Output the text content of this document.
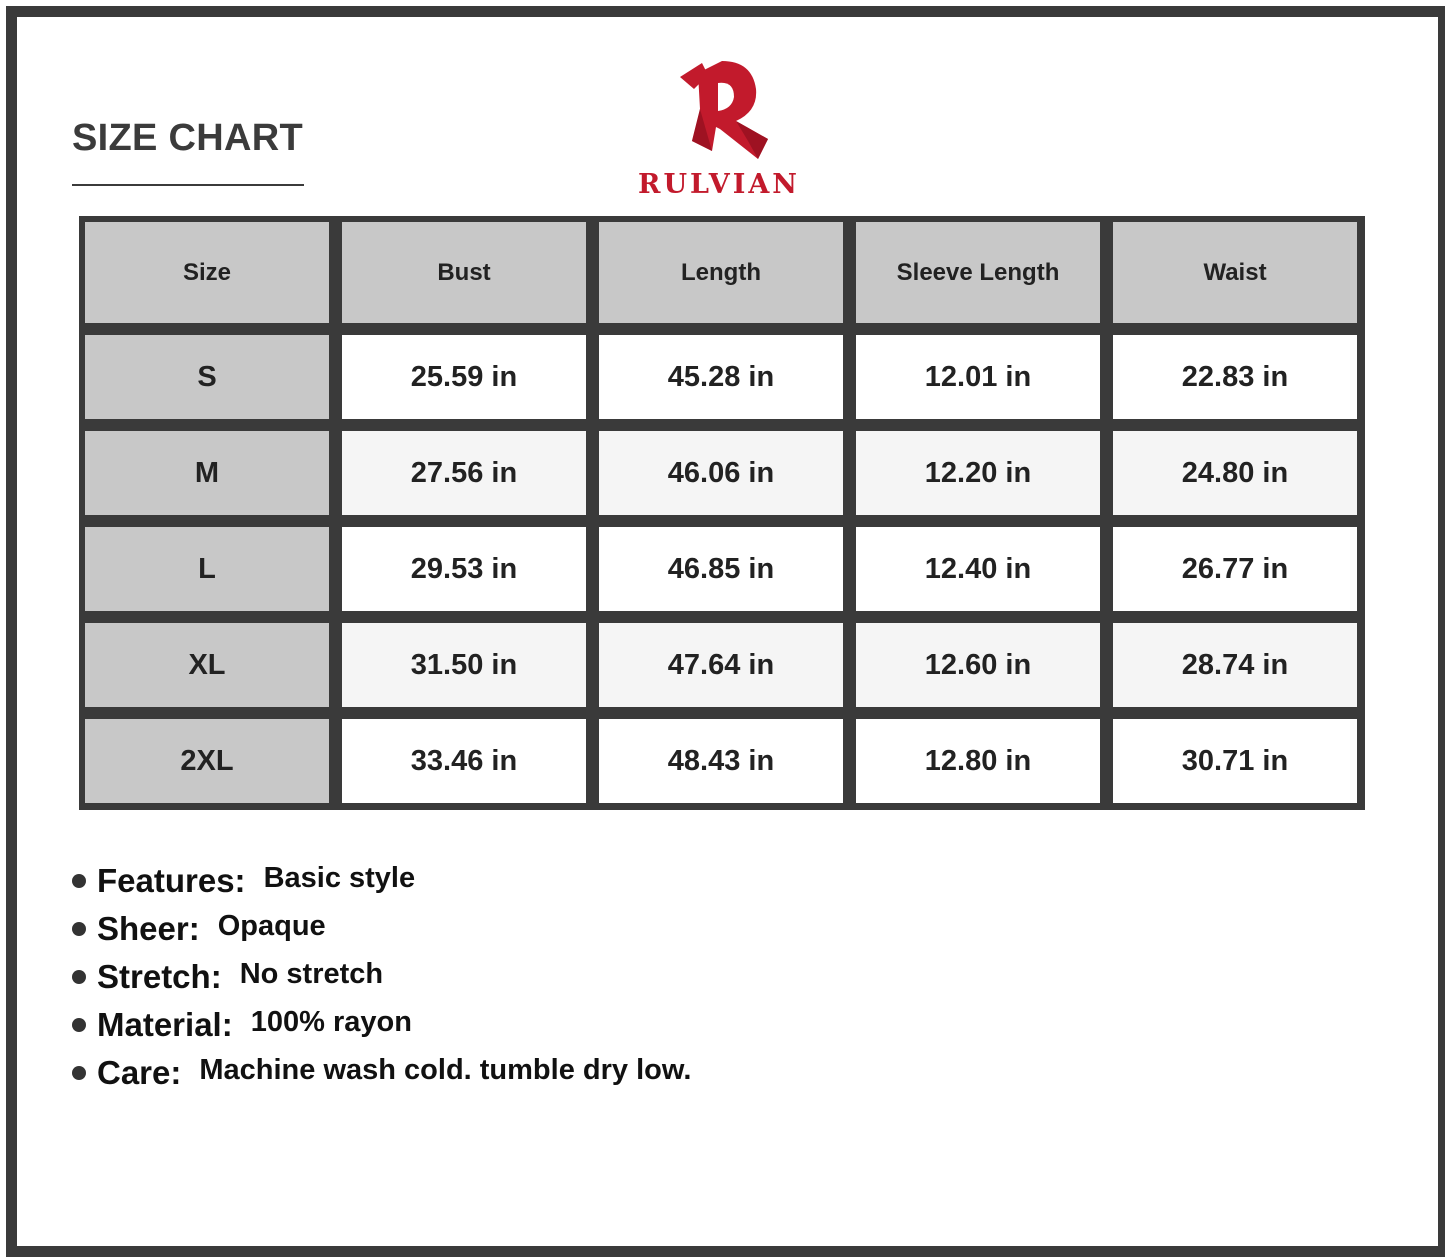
SIZE CHART
RULVIAN
Size	Bust	Length	Sleeve Length	Waist
S	25.59 in	45.28 in	12.01 in	22.83 in
M	27.56 in	46.06 in	12.20 in	24.80 in
L	29.53 in	46.85 in	12.40 in	26.77 in
XL	31.50 in	47.64 in	12.60 in	28.74 in
2XL	33.46 in	48.43 in	12.80 in	30.71 in
Features: Basic style
Sheer: Opaque
Stretch: No stretch
Material: 100% rayon
Care: Machine wash cold. tumble dry low.
